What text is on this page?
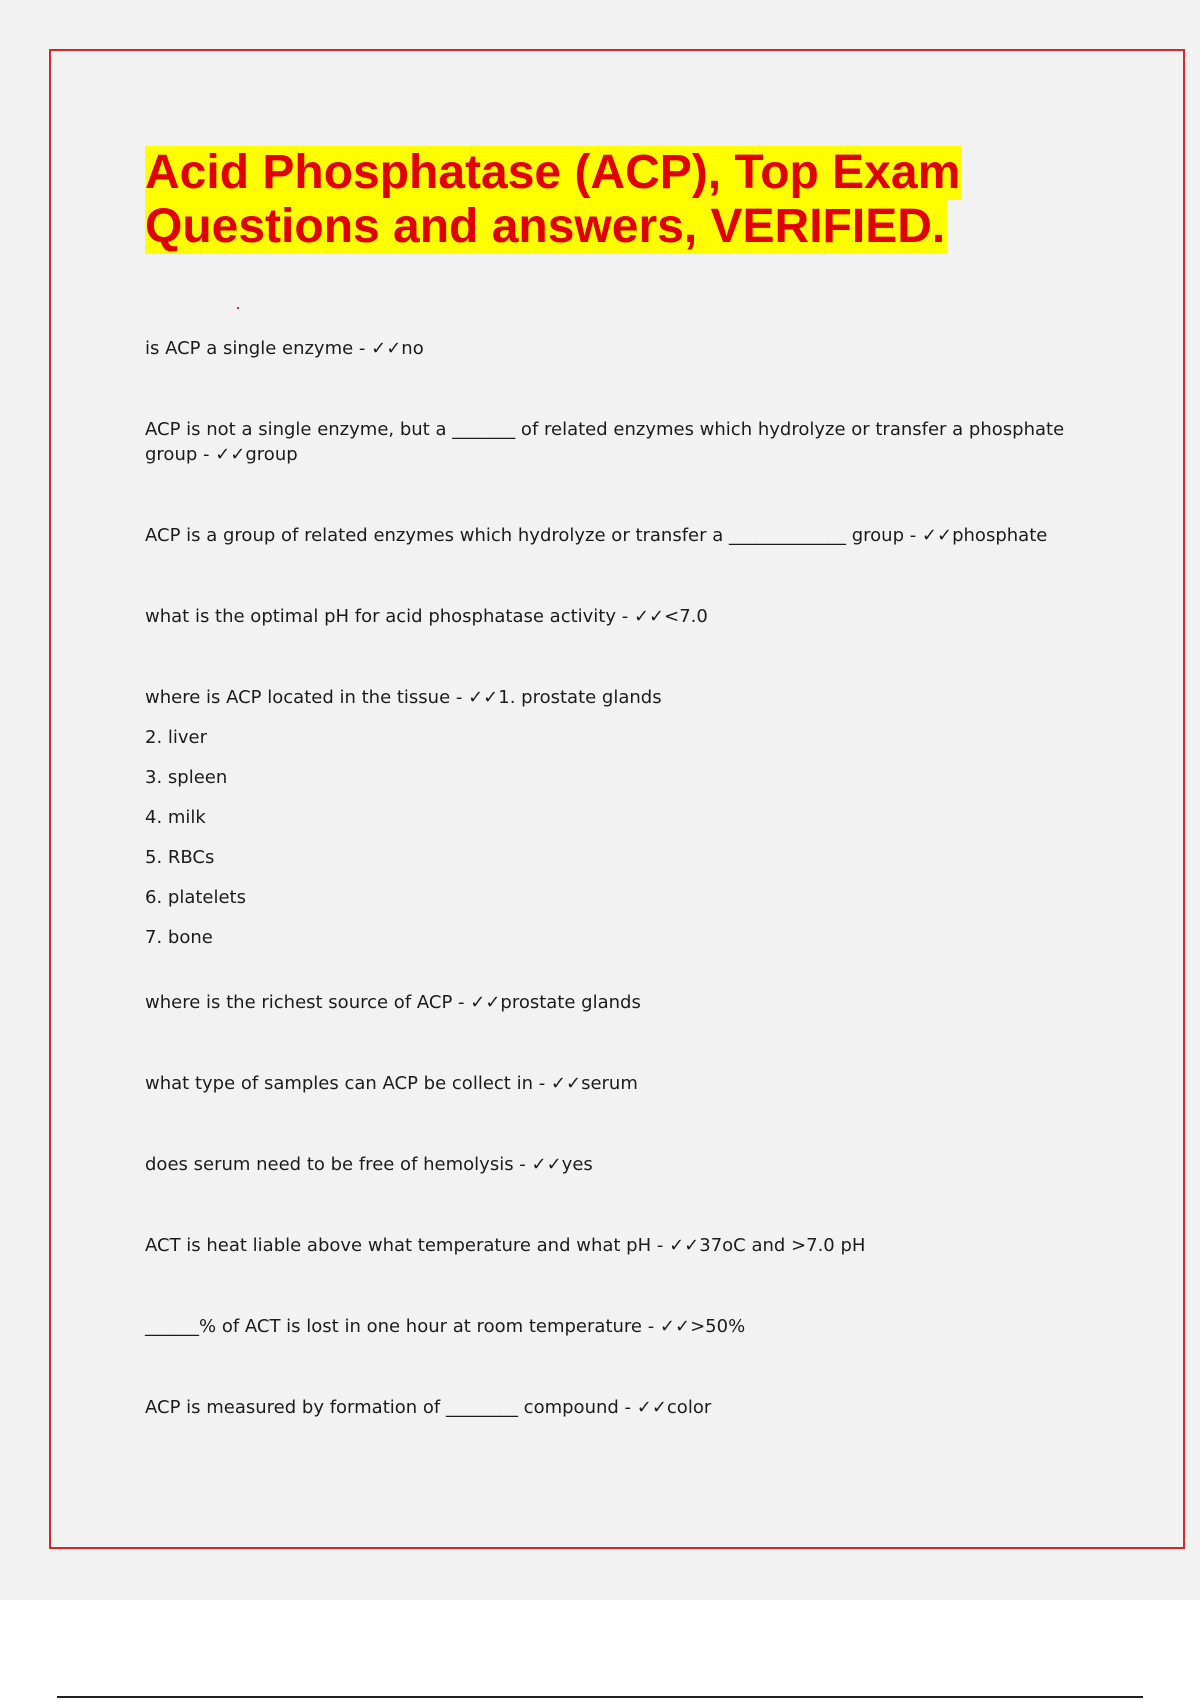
Acid Phosphatase (ACP), Top Exam
Questions and answers, VERIFIED.
is ACP a single enzyme - ✓✓no
ACP is not a single enzyme, but a _______ of related enzymes which hydrolyze or transfer a phosphate group - ✓✓group
ACP is a group of related enzymes which hydrolyze or transfer a _____________ group - ✓✓phosphate
what is the optimal pH for acid phosphatase activity - ✓✓<7.0
where is ACP located in the tissue - ✓✓1. prostate glands
2. liver
3. spleen
4. milk
5. RBCs
6. platelets
7. bone
where is the richest source of ACP - ✓✓prostate glands
what type of samples can ACP be collect in - ✓✓serum
does serum need to be free of hemolysis - ✓✓yes
ACT is heat liable above what temperature and what pH - ✓✓37oC and >7.0 pH
______% of ACT is lost in one hour at room temperature - ✓✓>50%
ACP is measured by formation of ________ compound - ✓✓color
